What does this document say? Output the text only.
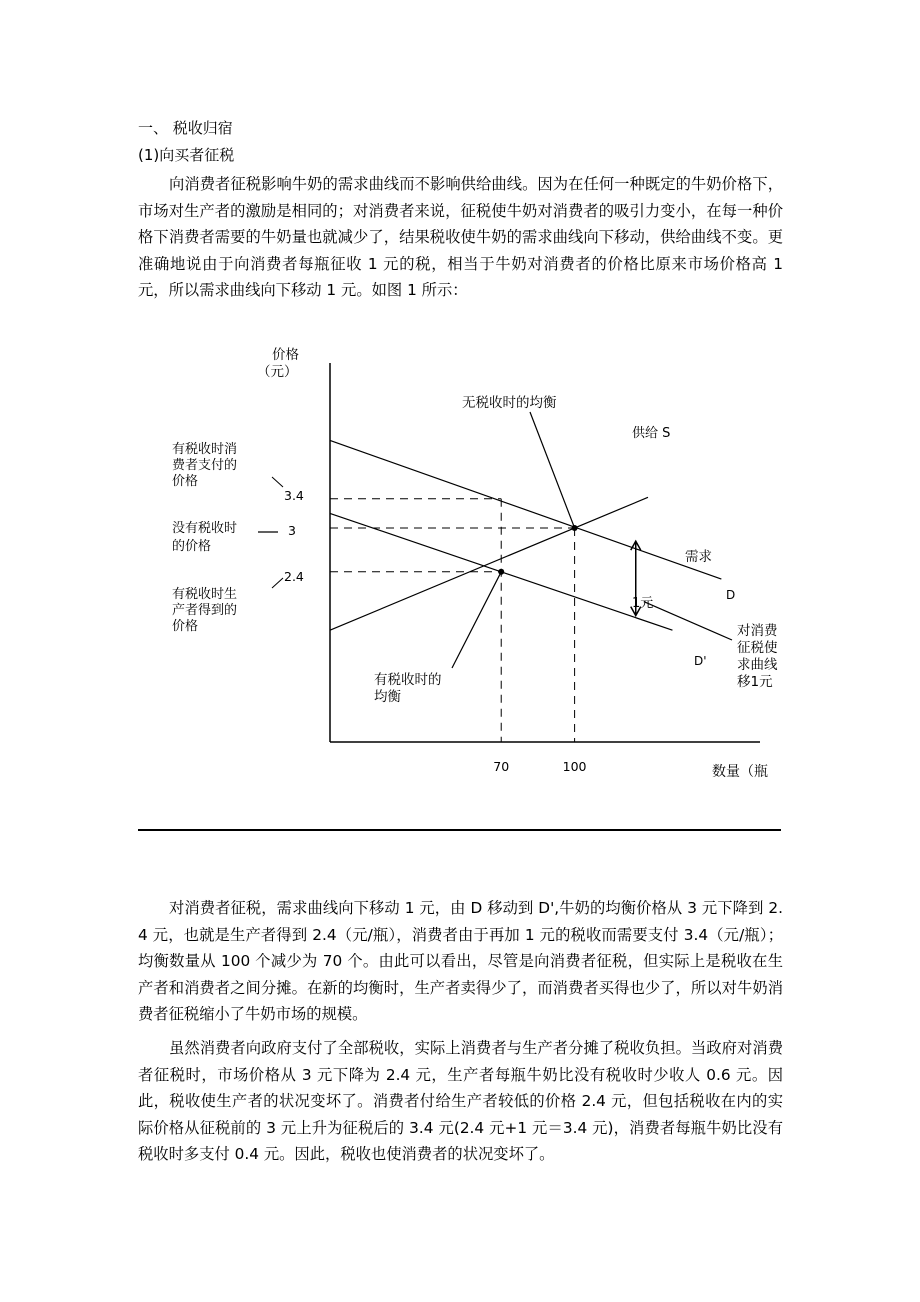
一、 税收归宿
(1)向买者征税
向消费者征税影响牛奶的需求曲线而不影响供给曲线。因为在任何一种既定的牛奶价格下，市场对生产者的激励是相同的；对消费者来说，征税使牛奶对消费者的吸引力变小，在每一种价格下消费者需要的牛奶量也就减少了，结果税收使牛奶的需求曲线向下移动，供给曲线不变。更准确地说由于向消费者每瓶征收 1 元的税，相当于牛奶对消费者的价格比原来市场价格高 1 元，所以需求曲线向下移动 1 元。如图 1 所示：
价格
（元）
数量（瓶
70	100
3.4
3
2.4
有税收时消
费者支付的
价格
没有税收时
的价格
有税收时生
产者得到的
价格
供给 S
需求
D
D'
无税收时的均衡
有税收时的
均衡
1元
对消费
征税使
求曲线
移1元
对消费者征税，需求曲线向下移动 1 元，由 D 移动到 D',牛奶的均衡价格从 3 元下降到 2.4 元，也就是生产者得到 2.4（元/瓶），消费者由于再加 1 元的税收而需要支付 3.4（元/瓶）；均衡数量从 100 个减少为 70 个。由此可以看出，尽管是向消费者征税，但实际上是税收在生产者和消费者之间分摊。在新的均衡时，生产者卖得少了，而消费者买得也少了，所以对牛奶消费者征税缩小了牛奶市场的规模。
虽然消费者向政府支付了全部税收，实际上消费者与生产者分摊了税收负担。当政府对消费者征税时，市场价格从 3 元下降为 2.4 元，生产者每瓶牛奶比没有税收时少收人 0.6 元。因此，税收使生产者的状况变坏了。消费者付给生产者较低的价格 2.4 元，但包括税收在内的实际价格从征税前的 3 元上升为征税后的 3.4 元(2.4 元+1 元＝3.4 元)，消费者每瓶牛奶比没有税收时多支付 0.4 元。因此，税收也使消费者的状况变坏了。
